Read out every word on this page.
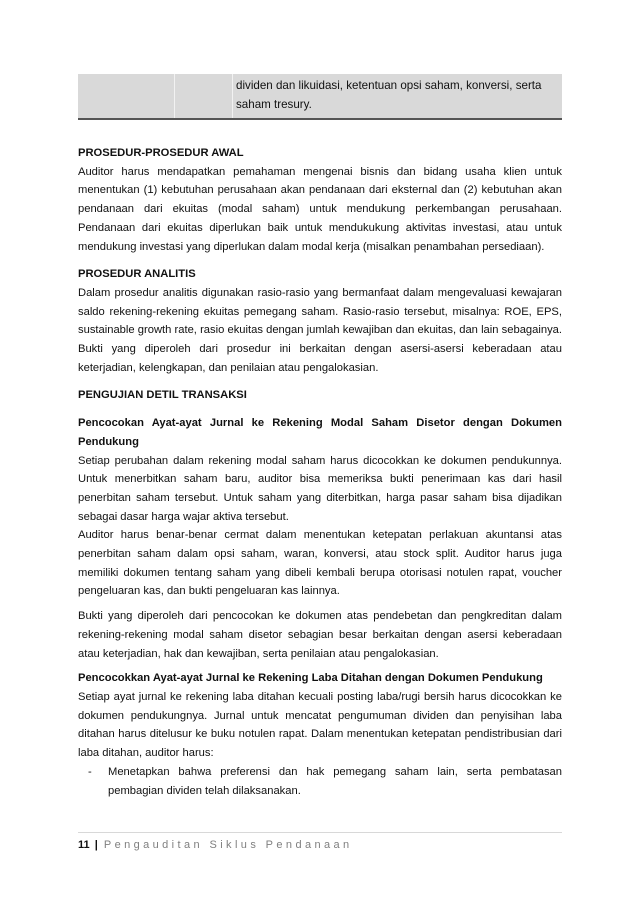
dividen dan likuidasi, ketentuan opsi saham, konversi, serta
saham tresury.
PROSEDUR-PROSEDUR AWAL

Auditor harus mendapatkan pemahaman mengenai bisnis dan bidang usaha klien untuk menentukan (1) kebutuhan perusahaan akan pendanaan dari eksternal dan (2) kebutuhan akan pendanaan dari ekuitas (modal saham) untuk mendukung perkembangan perusahaan. Pendanaan dari ekuitas diperlukan baik untuk mendukukung aktivitas investasi, atau untuk mendukung investasi yang diperlukan dalam modal kerja (misalkan penambahan persediaan).

PROSEDUR ANALITIS

Dalam prosedur analitis digunakan rasio-rasio yang bermanfaat dalam mengevaluasi kewajaran saldo rekening-rekening ekuitas pemegang saham. Rasio-rasio tersebut, misalnya: ROE, EPS, sustainable growth rate, rasio ekuitas dengan jumlah kewajiban dan ekuitas, dan lain sebagainya. Bukti yang diperoleh dari prosedur ini berkaitan dengan asersi-asersi keberadaan atau keterjadian, kelengkapan, dan penilaian atau pengalokasian.

PENGUJIAN DETIL TRANSAKSI
Pencocokan Ayat-ayat Jurnal ke Rekening Modal Saham Disetor dengan Dokumen Pendukung

Setiap perubahan dalam rekening modal saham harus dicocokkan ke dokumen pendukunnya. Untuk menerbitkan saham baru, auditor bisa memeriksa bukti penerimaan kas dari hasil penerbitan saham tersebut. Untuk saham yang diterbitkan, harga pasar saham bisa dijadikan sebagai dasar harga wajar aktiva tersebut.

Auditor harus benar-benar cermat dalam menentukan ketepatan perlakuan akuntansi atas penerbitan saham dalam opsi saham, waran, konversi, atau stock split. Auditor harus juga memiliki dokumen tentang saham yang dibeli kembali berupa otorisasi notulen rapat, voucher pengeluaran kas, dan bukti pengeluaran kas lainnya.

Bukti yang diperoleh dari pencocokan ke dokumen atas pendebetan dan pengkreditan dalam rekening-rekening modal saham disetor sebagian besar berkaitan dengan asersi keberadaan atau keterjadian, hak dan kewajiban, serta penilaian atau pengalokasian.

Pencocokkan Ayat-ayat Jurnal ke Rekening Laba Ditahan dengan Dokumen Pendukung

Setiap ayat jurnal ke rekening laba ditahan kecuali posting laba/rugi bersih harus dicocokkan ke dokumen pendukungnya. Jurnal untuk mencatat pengumuman dividen dan penyisihan laba ditahan harus ditelusur ke buku notulen rapat. Dalam menentukan ketepatan pendistribusian dari laba ditahan, auditor harus:

- Menetapkan bahwa preferensi dan hak pemegang saham lain, serta pembatasan pembagian dividen telah dilaksanakan.
11 | Pengauditan Siklus Pendanaan
